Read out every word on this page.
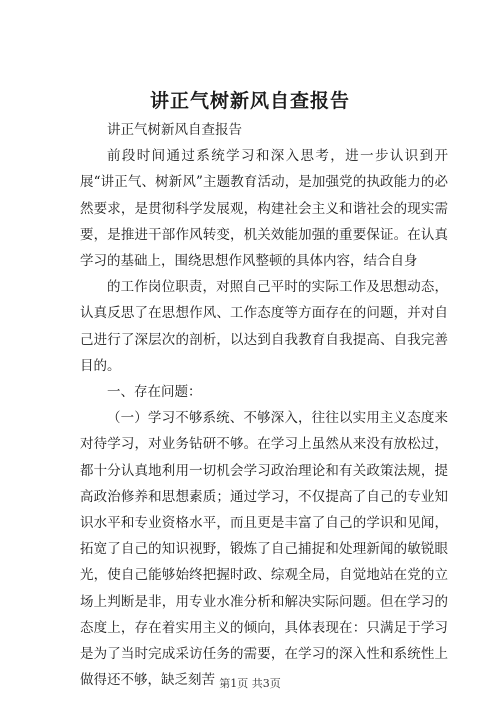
讲正气树新风自查报告

讲正气树新风自查报告

前段时间通过系统学习和深入思考，进一步认识到开展“讲正气、树新风”主题教育活动，是加强党的执政能力的必然要求，是贯彻科学发展观，构建社会主义和谐社会的现实需要，是推进干部作风转变，机关效能加强的重要保证。在认真学习的基础上，围绕思想作风整顿的具体内容，结合自身

的工作岗位职责，对照自己平时的实际工作及思想动态，认真反思了在思想作风、工作态度等方面存在的问题，并对自己进行了深层次的剖析，以达到自我教育自我提高、自我完善目的。

一、存在问题：

（一）学习不够系统、不够深入，往往以实用主义态度来对待学习，对业务钻研不够。在学习上虽然从来没有放松过，都十分认真地利用一切机会学习政治理论和有关政策法规，提高政治修养和思想素质；通过学习，不仅提高了自己的专业知识水平和专业资格水平，而且更是丰富了自己的学识和见闻，拓宽了自己的知识视野，锻炼了自己捕捉和处理新闻的敏锐眼光，使自己能够始终把握时政、综观全局，自觉地站在党的立场上判断是非，用专业水准分析和解决实际问题。但在学习的态度上，存在着实用主义的倾向，具体表现在：只满足于学习是为了当时完成采访任务的需要，在学习的深入性和系统性上做得还不够，缺乏刻苦 第1页 共3页
